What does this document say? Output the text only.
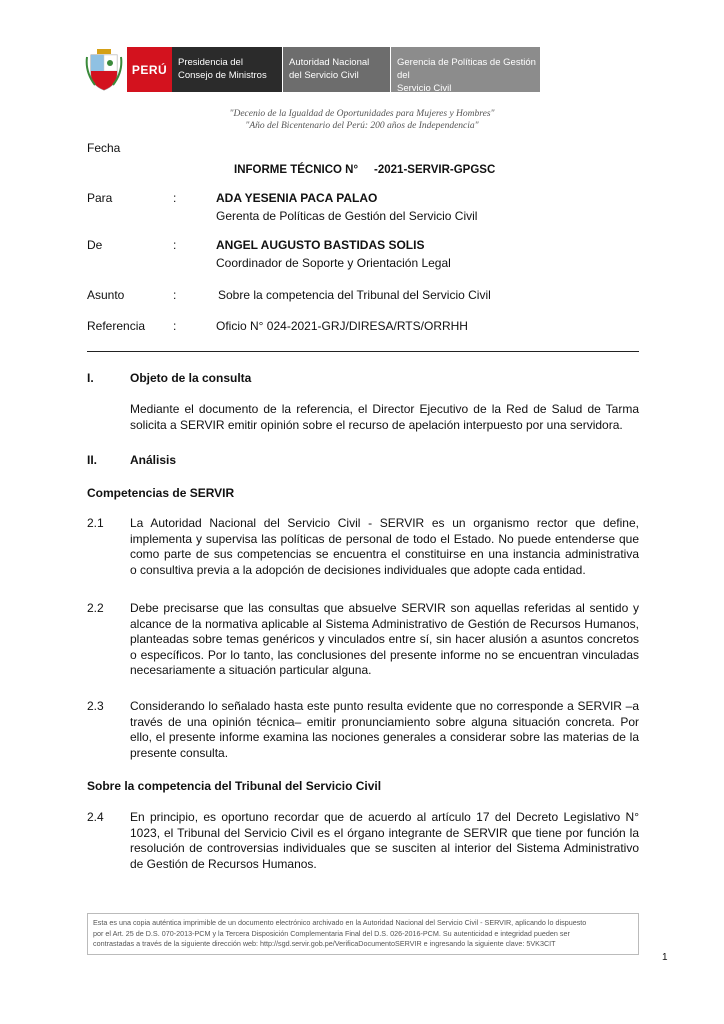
PERÚ	Presidencia del
Consejo de Ministros
Autoridad Nacional
del Servicio Civil
Gerencia de Políticas de Gestión del
Servicio Civil
"Decenio de la Igualdad de Oportunidades para Mujeres y Hombres"
"Año del Bicentenario del Perú: 200 años de Independencia"
Fecha
INFORME TÉCNICO N°     -2021-SERVIR-GPGSC
Para	:	ADA YESENIA PACA PALAO
Gerenta de Políticas de Gestión del Servicio Civil
De	:	ANGEL AUGUSTO BASTIDAS SOLIS
Coordinador de Soporte y Orientación Legal
Asunto	:	Sobre la competencia del Tribunal del Servicio Civil
Referencia :	Oficio N° 024-2021-GRJ/DIRESA/RTS/ORRHH
I.	Objeto de la consulta
Mediante el documento de la referencia, el Director Ejecutivo de la Red de Salud de Tarma
solicita a SERVIR emitir opinión sobre el recurso de apelación interpuesto por una servidora.
II.	Análisis
Competencias de SERVIR
2.1 La Autoridad Nacional del Servicio Civil - SERVIR es un organismo rector que define,
implementa y supervisa las políticas de personal de todo el Estado. No puede entenderse que
como parte de sus competencias se encuentra el constituirse en una instancia administrativa
o consultiva previa a la adopción de decisiones individuales que adopte cada entidad.
2.2 Debe precisarse que las consultas que absuelve SERVIR son aquellas referidas al sentido y
alcance de la normativa aplicable al Sistema Administrativo de Gestión de Recursos Humanos,
planteadas sobre temas genéricos y vinculados entre sí, sin hacer alusión a asuntos concretos
o específicos. Por lo tanto, las conclusiones del presente informe no se encuentran vinculadas
necesariamente a situación particular alguna.
2.3 Considerando lo señalado hasta este punto resulta evidente que no corresponde a SERVIR –a
través de una opinión técnica– emitir pronunciamiento sobre alguna situación concreta. Por
ello, el presente informe examina las nociones generales a considerar sobre las materias de la
presente consulta.
Sobre la competencia del Tribunal del Servicio Civil
2.4 En principio, es oportuno recordar que de acuerdo al artículo 17 del Decreto Legislativo N°
1023, el Tribunal del Servicio Civil es el órgano integrante de SERVIR que tiene por función la
resolución de controversias individuales que se susciten al interior del Sistema Administrativo
de Gestión de Recursos Humanos.
Esta es una copia auténtica imprimible de un documento electrónico archivado en la Autoridad Nacional del Servicio Civil - SERVIR, aplicando lo dispuesto
por el Art. 25 de D.S. 070-2013-PCM y la Tercera Disposición Complementaria Final del D.S. 026-2016-PCM. Su autenticidad e integridad pueden ser
contrastadas a través de la siguiente dirección web: http://sgd.servir.gob.pe/VerificaDocumentoSERVIR e ingresando la siguiente clave: 5VK3CIT
1
